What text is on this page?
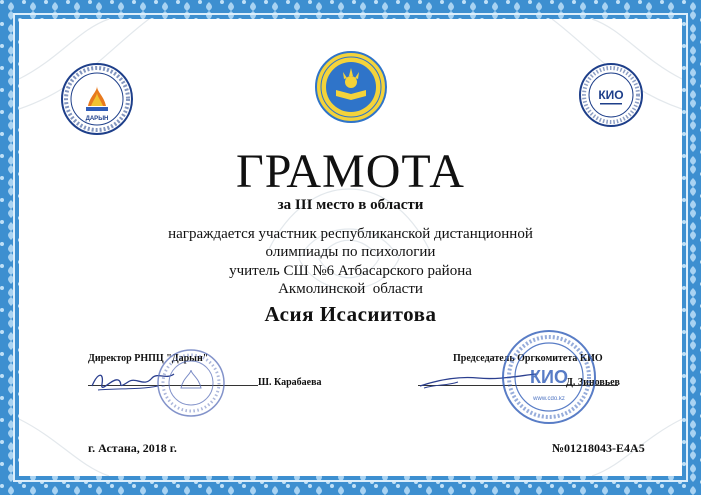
ДАРЫН
КИО
ГРАМОТА
за III место в области
награждается участник республиканской дистанционной
олимпиады по психологии
учитель СШ №6 Атбасарского района
Акмолинской  области
Асия Исасиитова
Директор РНПЦ "Дарын"
Ш. Карабаева
Председатель Оргкомитета КИО
Д. Зиновьев
КИО
www.cdo.kz
г. Астана, 2018 г.	№01218043-E4A5
